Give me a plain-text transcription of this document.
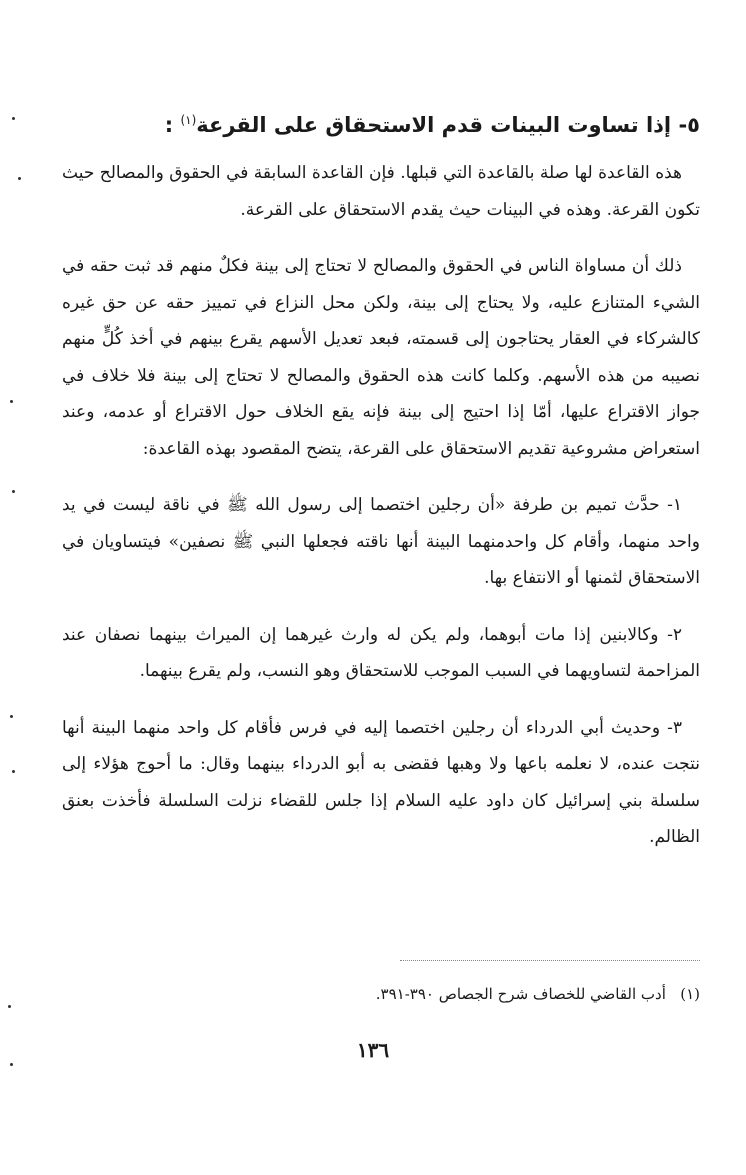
٥- إذا تساوت البينات قدم الاستحقاق على القرعة$^{(١)}$ :

هذه القاعدة لها صلة بالقاعدة التي قبلها. فإن القاعدة السابقة في الحقوق والمصالح حيث تكون القرعة. وهذه في البينات حيث يقدم الاستحقاق على القرعة.

ذلك أن مساواة الناس في الحقوق والمصالح لا تحتاج إلى بينة فكلٌ منهم قد ثبت حقه في الشيء المتنازع عليه، ولا يحتاج إلى بينة، ولكن محل النزاع في تمييز حقه عن حق غيره كالشركاء في العقار يحتاجون إلى قسمته، فبعد تعديل الأسهم يقرع بينهم في أخذ كُلٍّ منهم نصيبه من هذه الأسهم. وكلما كانت هذه الحقوق والمصالح لا تحتاج إلى بينة فلا خلاف في جواز الاقتراع عليها، أمّا إذا احتيج إلى بينة فإنه يقع الخلاف حول الاقتراع أو عدمه، وعند استعراض مشروعية تقديم الاستحقاق على القرعة، يتضح المقصود بهذه القاعدة:

١- حدَّث تميم بن طرفة «أن رجلين اختصما إلى رسول الله ﷺ في ناقة ليست في يد واحد منهما، وأقام كل واحدمنهما البينة أنها ناقته فجعلها النبي ﷺ نصفين» فيتساويان في الاستحقاق لثمنها أو الانتفاع بها.

٢- وكالابنين إذا مات أبوهما، ولم يكن له وارث غيرهما إن الميراث بينهما نصفان عند المزاحمة لتساويهما في السبب الموجب للاستحقاق وهو النسب، ولم يقرع بينهما.

٣- وحديث أبي الدرداء أن رجلين اختصما إليه في فرس فأقام كل واحد منهما البينة أنها نتجت عنده، لا نعلمه باعها ولا وهبها فقضى به أبو الدرداء بينهما وقال: ما أحوج هؤلاء إلى سلسلة بني إسرائيل كان داود عليه السلام إذا جلس للقضاء نزلت السلسلة فأخذت بعنق الظالم.

(١)   أدب القاضي للخصاف شرح الجصاص ٣٩٠-٣٩١.
١٣٦
